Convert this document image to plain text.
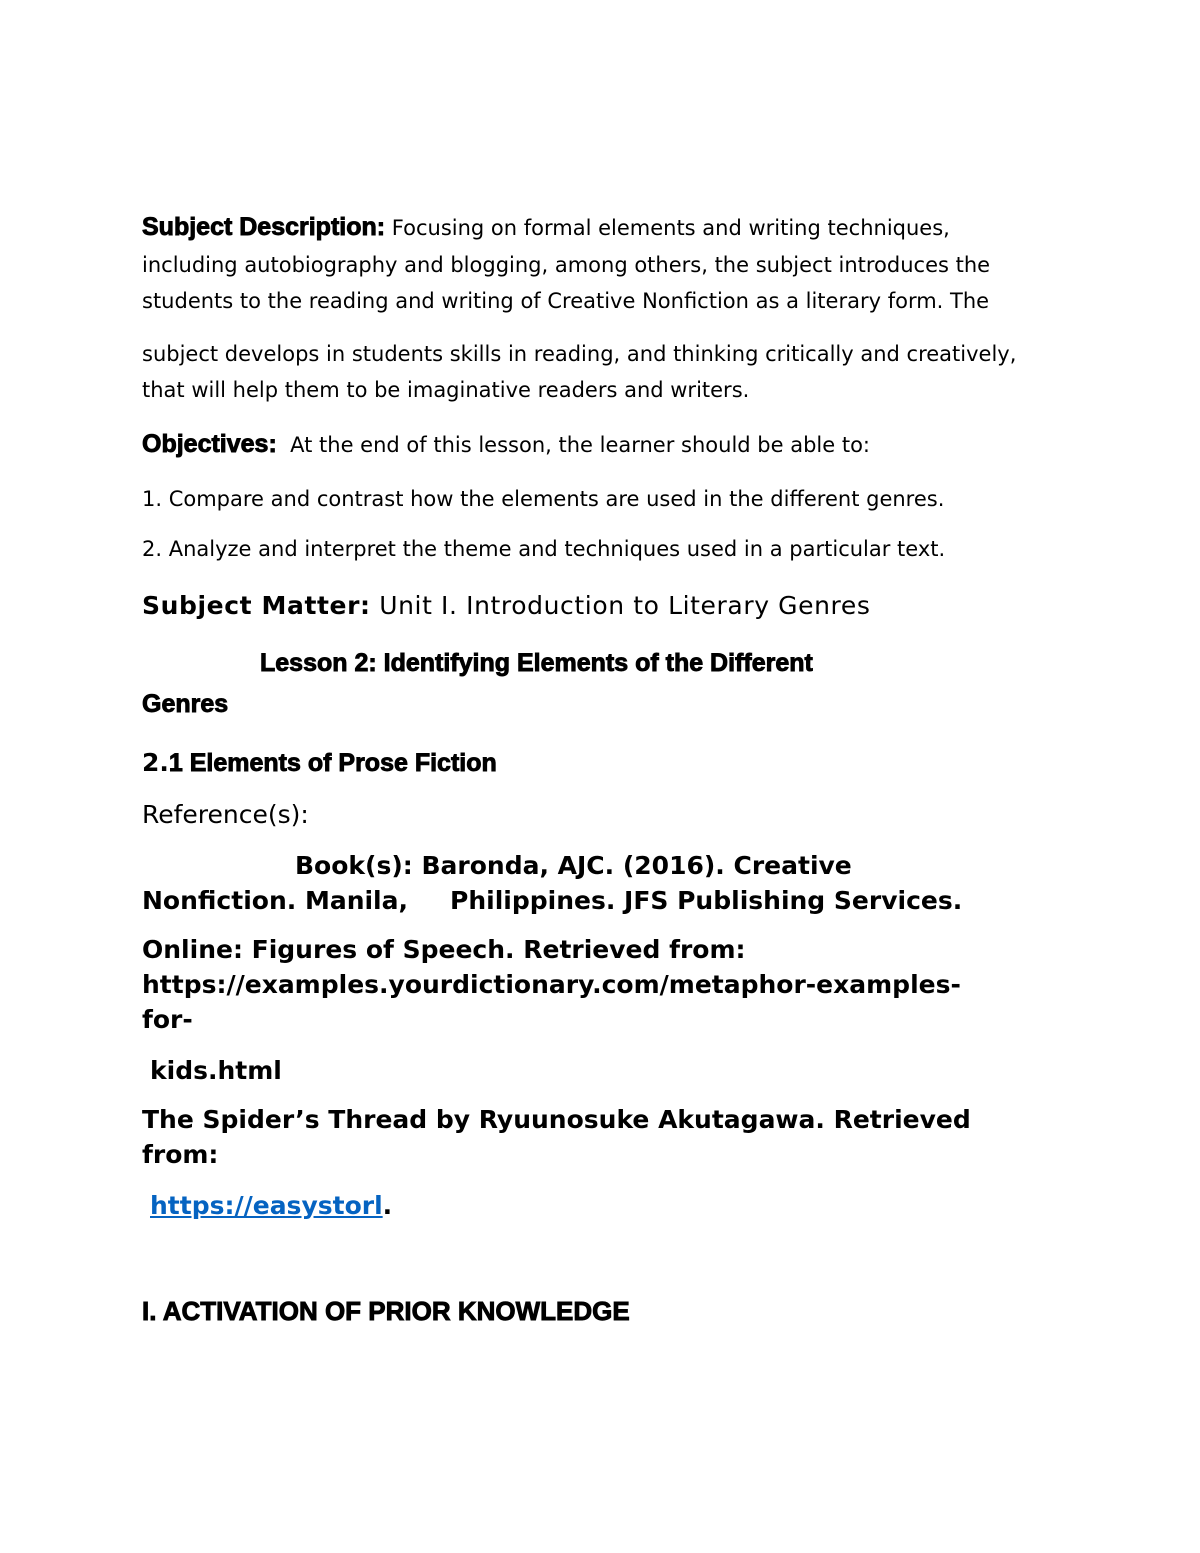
Subject Description: Focusing on formal elements and writing techniques,

including autobiography and blogging, among others, the subject introduces the

students to the reading and writing of Creative Nonfiction as a literary form. The

subject develops in students skills in reading, and thinking critically and creatively,

that will help them to be imaginative readers and writers.

Objectives: At the end of this lesson, the learner should be able to:

1. Compare and contrast how the elements are used in the different genres.

2. Analyze and interpret the theme and techniques used in a particular text.

Subject Matter: Unit I. Introduction to Literary Genres

Lesson 2: Identifying Elements of the Different

Genres

2.1 Elements of Prose Fiction

Reference(s):

Book(s): Baronda, AJC. (2016). Creative

Nonfiction. Manila, Philippines. JFS Publishing Services.

Online: Figures of Speech. Retrieved from:

https://examples.yourdictionary.com/metaphor-examples-

for-

kids.html

The Spider’s Thread by Ryuunosuke Akutagawa. Retrieved

from:

https://easystorl.

I. ACTIVATION OF PRIOR KNOWLEDGE
